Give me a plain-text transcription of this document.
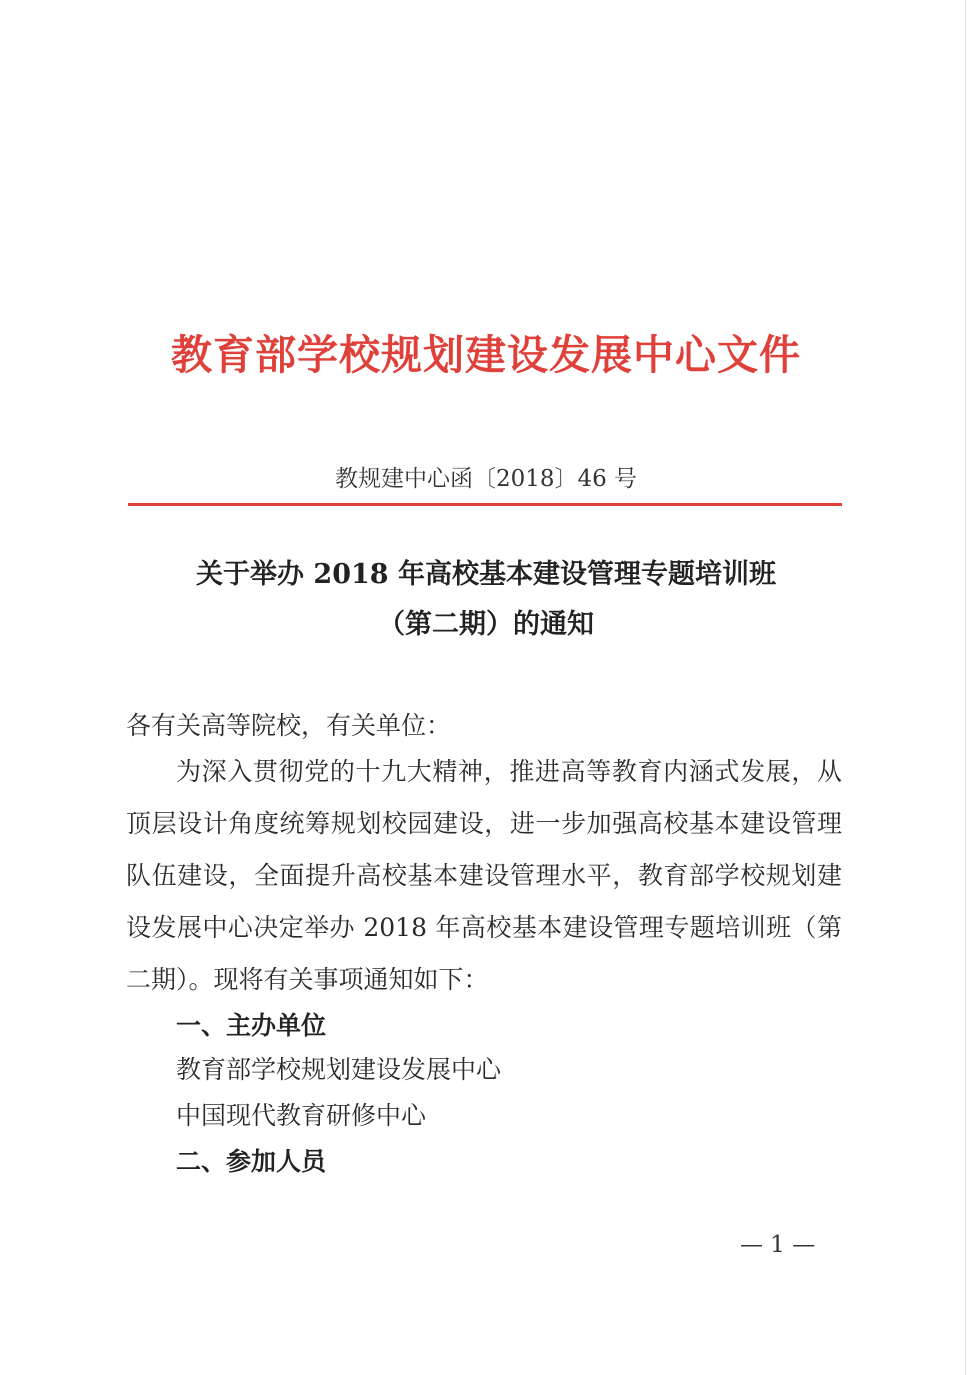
教育部学校规划建设发展中心文件
教规建中心函〔2018〕46 号
关于举办 2018 年高校基本建设管理专题培训班
（第二期）的通知
各有关高等院校，有关单位：
为深入贯彻党的十九大精神，推进高等教育内涵式发展，从顶层设计角度统筹规划校园建设，进一步加强高校基本建设管理队伍建设，全面提升高校基本建设管理水平，教育部学校规划建设发展中心决定举办 2018 年高校基本建设管理专题培训班（第二期）。现将有关事项通知如下：
一、主办单位
教育部学校规划建设发展中心
中国现代教育研修中心
二、参加人员
— 1 —
